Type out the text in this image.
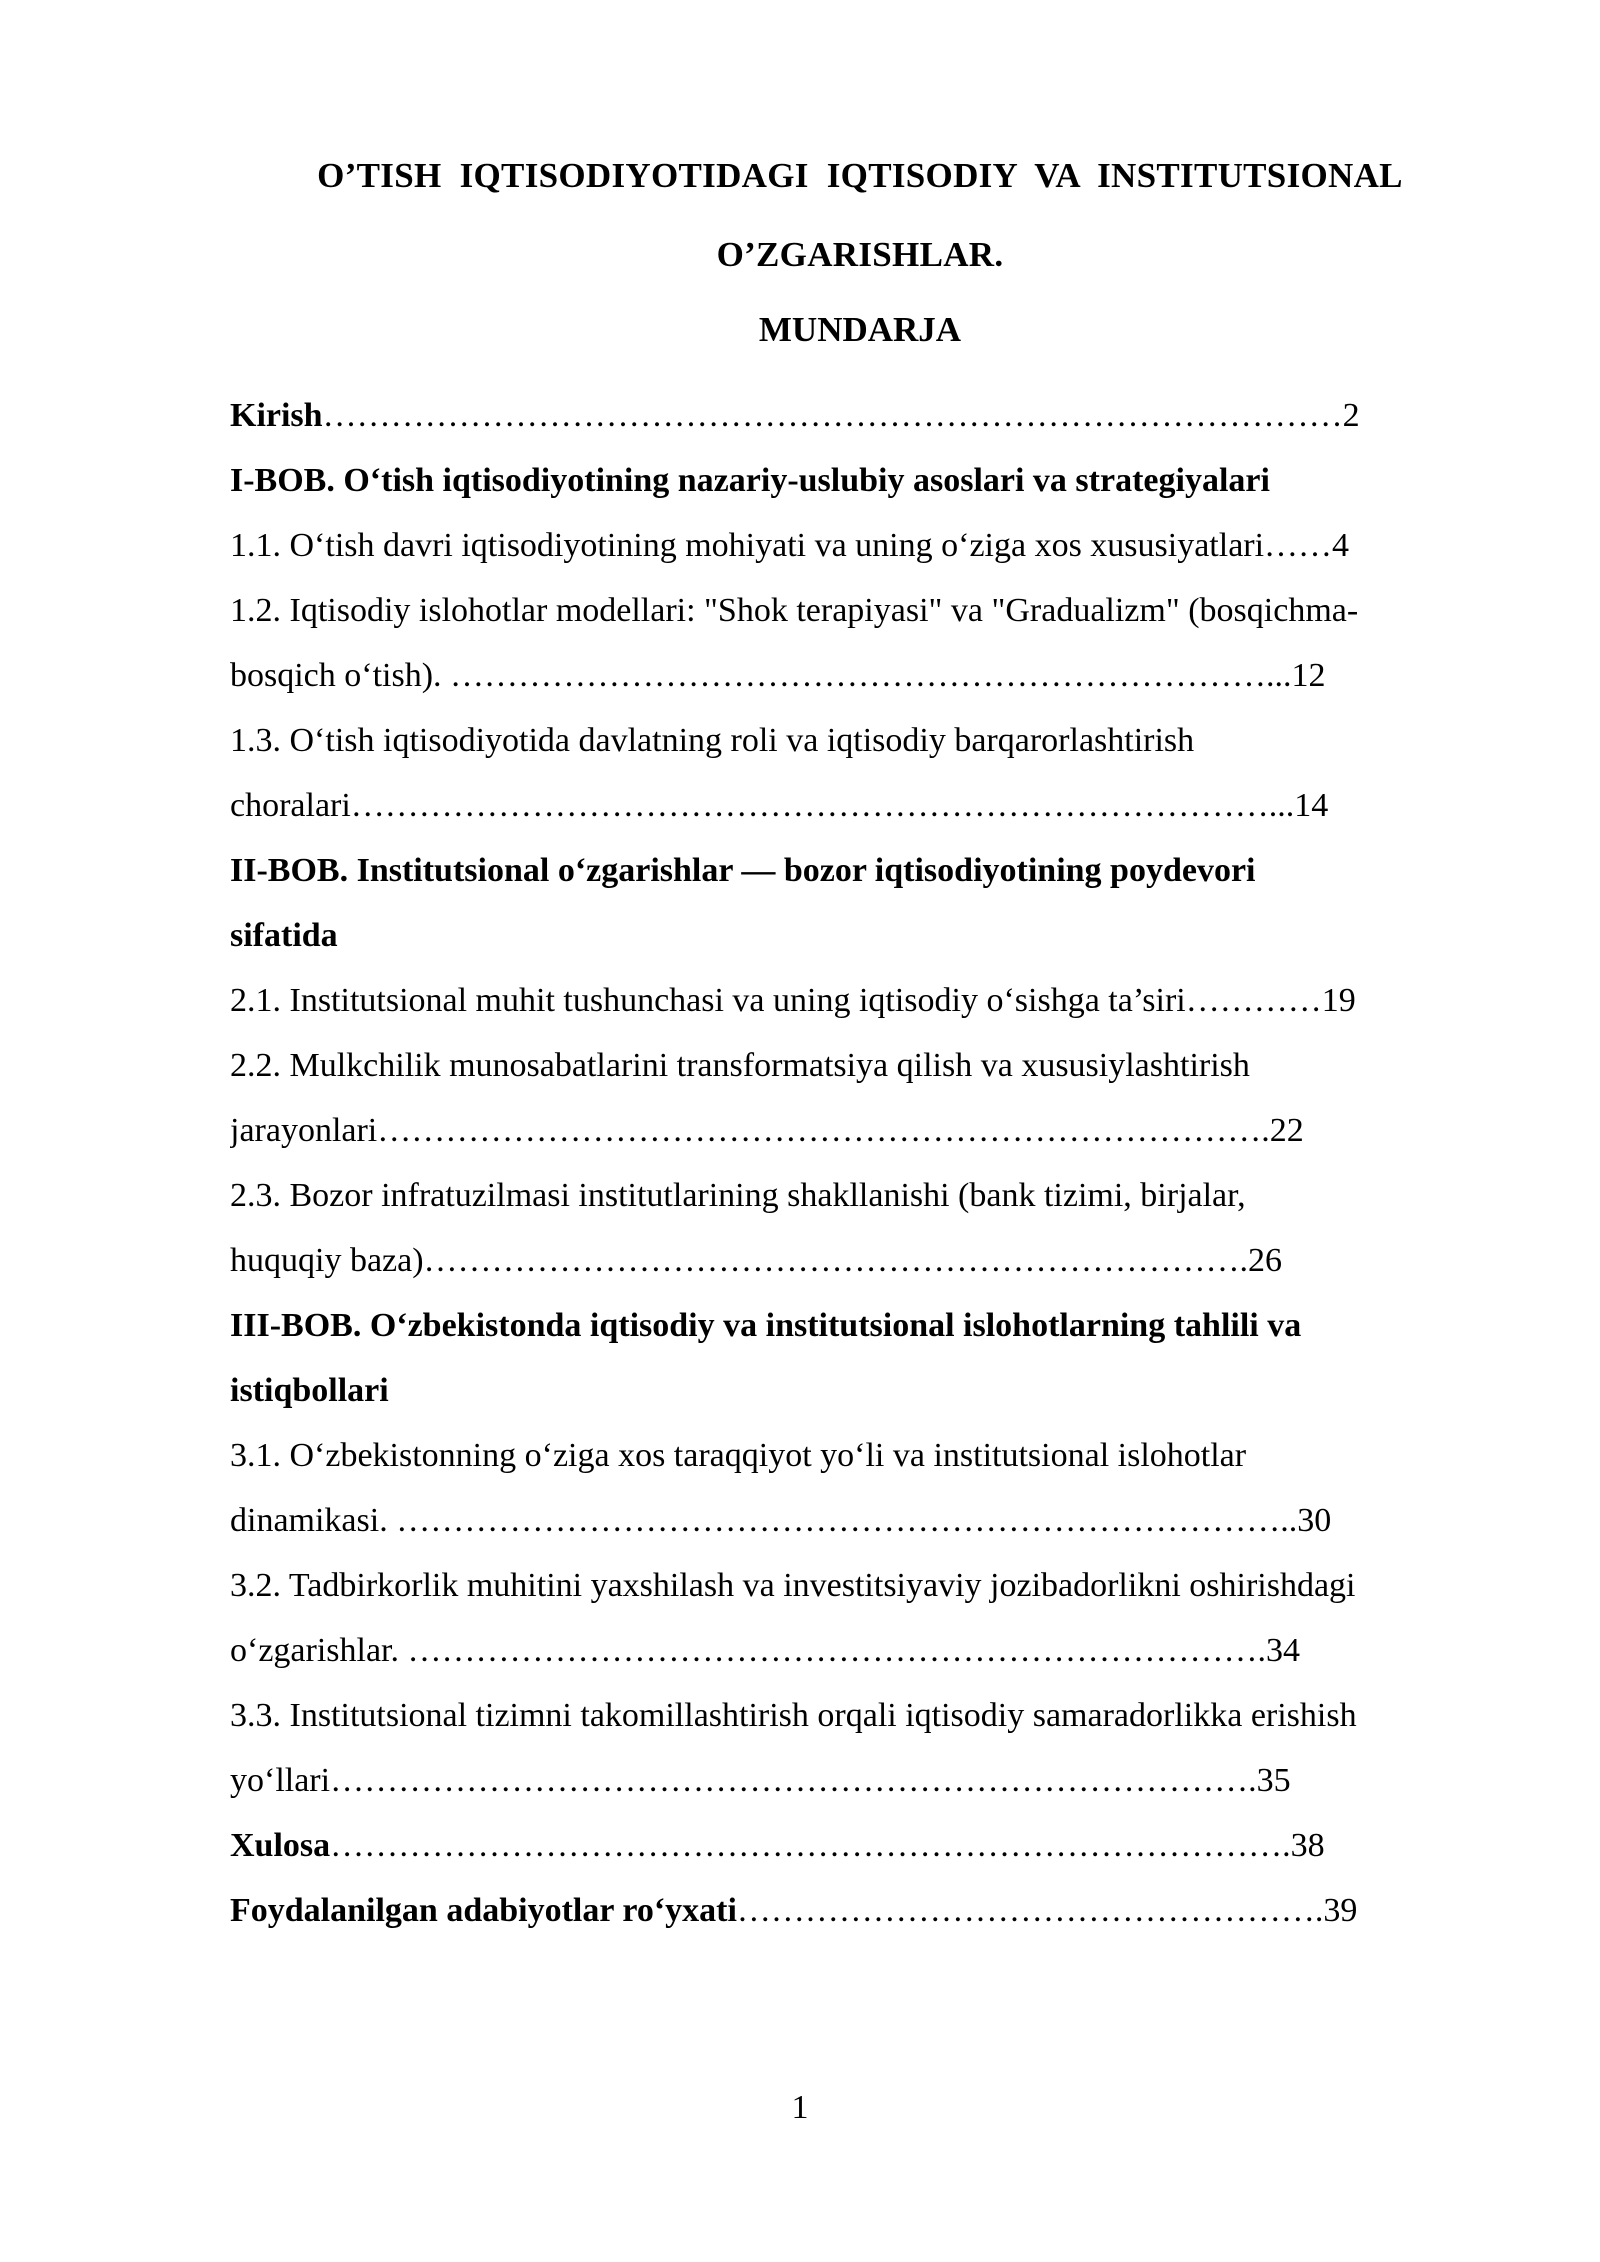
O’TISH  IQTISODIYOTIDAGI  IQTISODIY  VA  INSTITUTSIONAL
O’ZGARISHLAR.
MUNDARJA
Kirish………………………………………………………………………………2
I-BOB. O‘tish iqtisodiyotining nazariy-uslubiy asoslari va strategiyalari
1.1. O‘tish davri iqtisodiyotining mohiyati va uning o‘ziga xos xususiyatlari……4
1.2. Iqtisodiy islohotlar modellari: "Shok terapiyasi" va "Gradualizm" (bosqichma-
bosqich o‘tish). ………………………………………………………………...12
1.3. O‘tish iqtisodiyotida davlatning roli va iqtisodiy barqarorlashtirish
choralari………………………………………………………………………...14
II-BOB. Institutsional o‘zgarishlar — bozor iqtisodiyotining poydevori
sifatida
2.1. Institutsional muhit tushunchasi va uning iqtisodiy o‘sishga ta’siri…………19
2.2. Mulkchilik munosabatlarini transformatsiya qilish va xususiylashtirish
jarayonlari…………………………………………………………………….22
2.3. Bozor infratuzilmasi institutlarining shakllanishi (bank tizimi, birjalar,
huquqiy baza)……………………………………………………………….26
III-BOB. O‘zbekistonda iqtisodiy va institutsional islohotlarning tahlili va
istiqbollari
3.1. O‘zbekistonning o‘ziga xos taraqqiyot yo‘li va institutsional islohotlar
dinamikasi. ……………………………………………………………………..30
3.2. Tadbirkorlik muhitini yaxshilash va investitsiyaviy jozibadorlikni oshirishdagi
o‘zgarishlar. ………………………………………………………………….34
3.3. Institutsional tizimni takomillashtirish orqali iqtisodiy samaradorlikka erishish
yo‘llari……………………………………………………………………….35
Xulosa………………………………………………………………………….38
Foydalanilgan adabiyotlar ro‘yxati…………………………………………….39
1
